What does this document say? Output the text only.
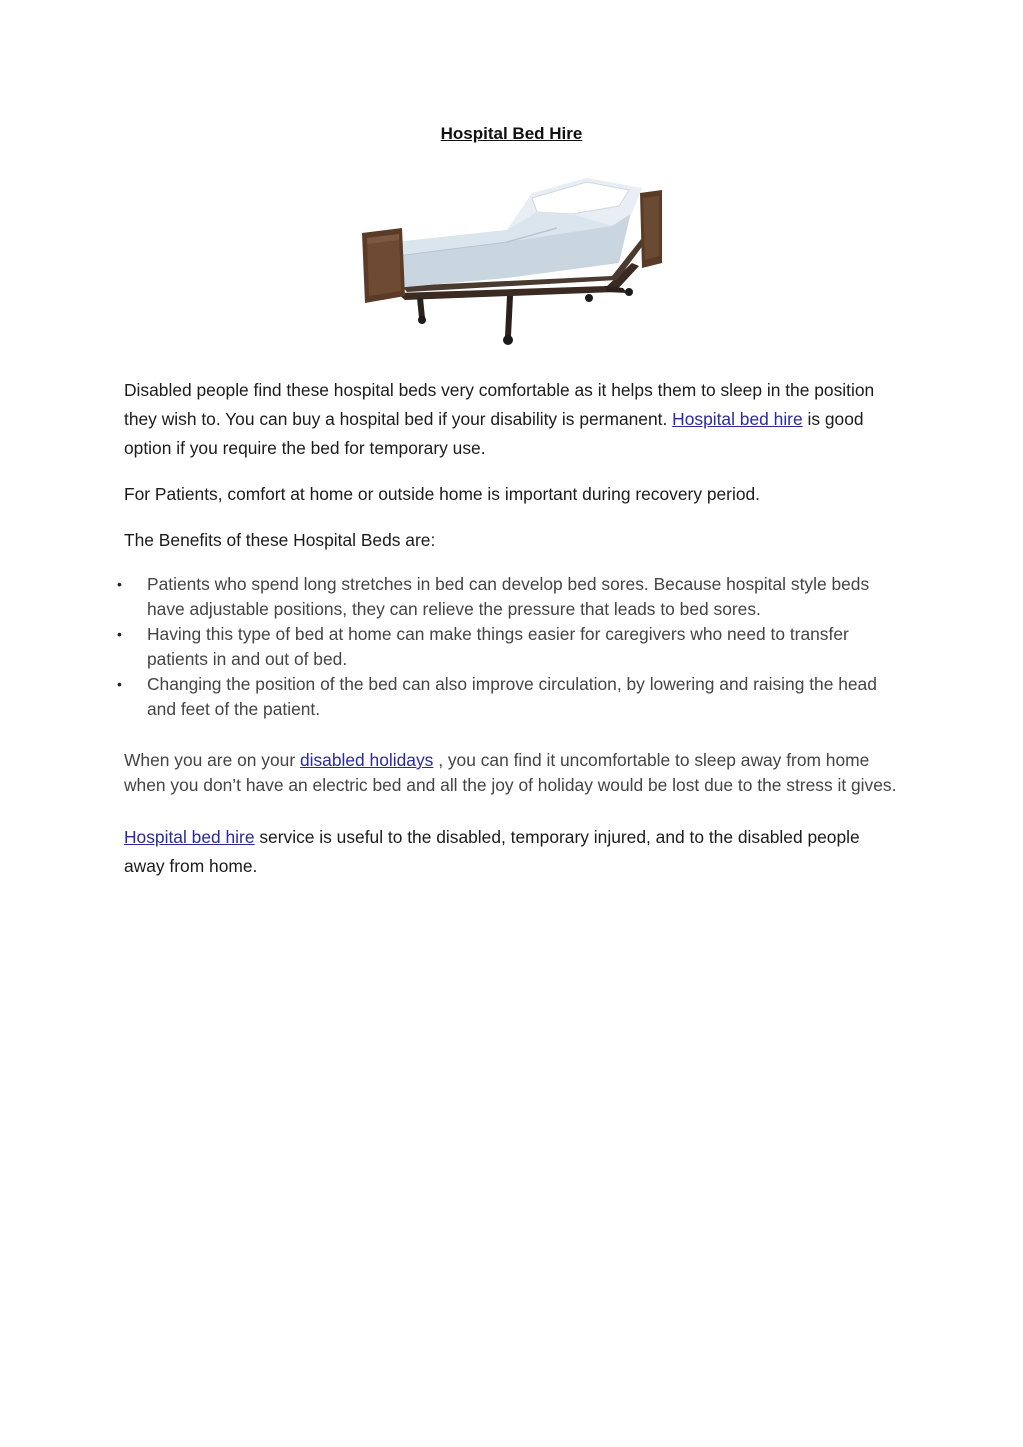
Hospital Bed Hire

Disabled people find these hospital beds very comfortable as it helps them to sleep in the position they wish to. You can buy a hospital bed if your disability is permanent. Hospital bed hire is good option if you require the bed for temporary use.

For Patients, comfort at home or outside home is important during recovery period.

The Benefits of these Hospital Beds are:

• Patients who spend long stretches in bed can develop bed sores. Because hospital style beds have adjustable positions, they can relieve the pressure that leads to bed sores.
• Having this type of bed at home can make things easier for caregivers who need to transfer patients in and out of bed.
• Changing the position of the bed can also improve circulation, by lowering and raising the head and feet of the patient.

When you are on your disabled holidays , you can find it uncomfortable to sleep away from home when you don’t have an electric bed and all the joy of holiday would be lost due to the stress it gives.

Hospital bed hire service is useful to the disabled, temporary injured, and to the disabled people away from home.
